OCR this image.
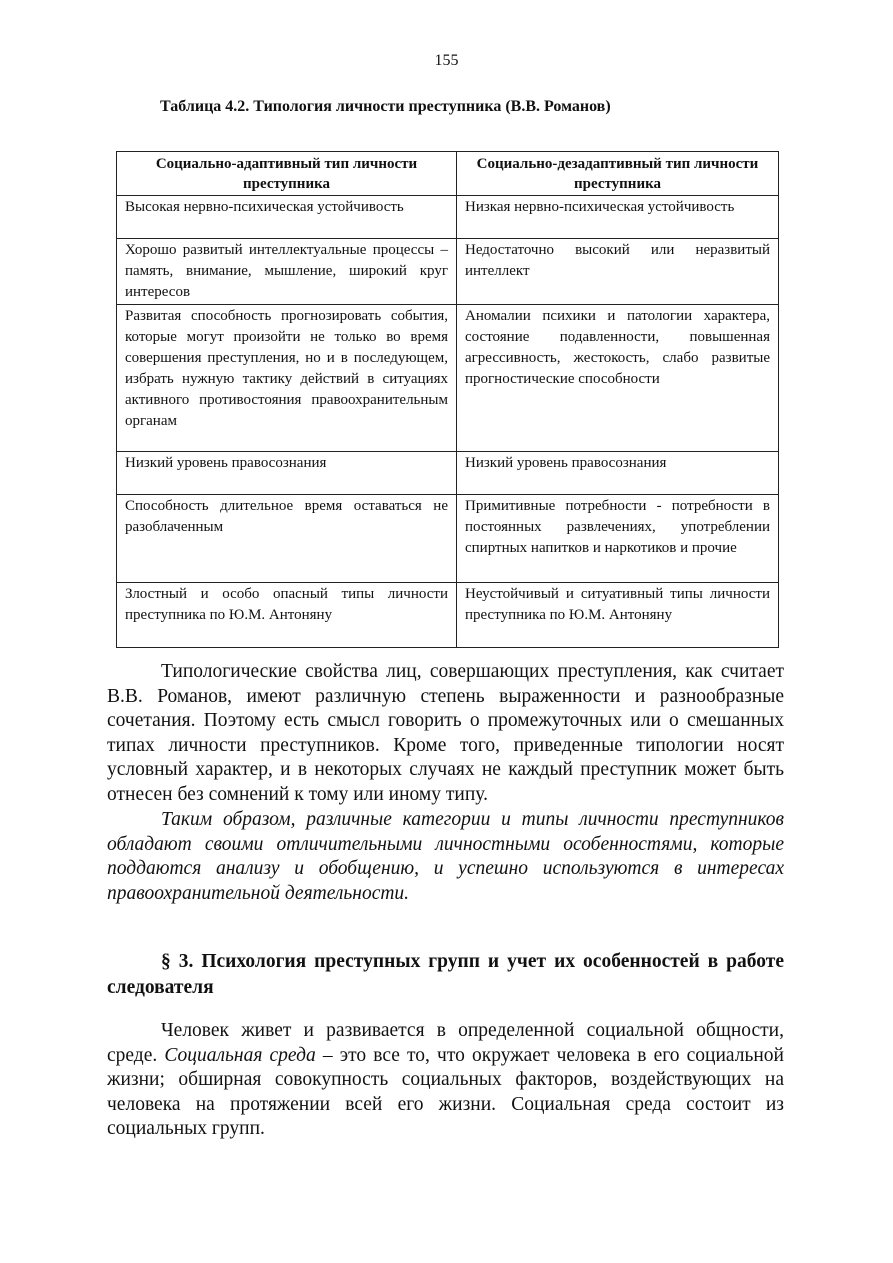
155
Таблица 4.2. Типология личности преступника (В.В. Романов)
Социально-адаптивный тип личности преступника	Социально-дезадаптивный тип личности преступника
Высокая нервно-психическая устойчивость	Низкая нервно-психическая устойчивость
Хорошо развитый интеллектуальные процессы – память, внимание, мышление, широкий круг интересов	Недостаточно высокий или неразвитый интеллект
Развитая способность прогнозировать события, которые могут произойти не только во время совершения преступления, но и в последующем, избрать нужную тактику действий в ситуациях активного противостояния правоохранительным органам	Аномалии психики и патологии характера, состояние подавленности, повышенная агрессивность, жестокость, слабо развитые прогностические способности
Низкий уровень правосознания	Низкий уровень правосознания
Способность длительное время оставаться не разоблаченным	Примитивные потребности - потребности в постоянных развлечениях, употреблении спиртных напитков и наркотиков и прочие
Злостный и особо опасный типы личности преступника по Ю.М. Антоняну	Неустойчивый и ситуативный типы личности преступника по Ю.М. Антоняну

Типологические свойства лиц, совершающих преступления, как считает В.В. Романов, имеют различную степень выраженности и разнообразные сочетания. Поэтому есть смысл говорить о промежуточных или о смешанных типах личности преступников. Кроме того, приведенные типологии носят условный характер, и в некоторых случаях не каждый преступник может быть отнесен без сомнений к тому или иному типу.

Таким образом, различные категории и типы личности преступников обладают своими отличительными личностными особенностями, которые поддаются анализу и обобщению, и успешно используются в интересах правоохранительной деятельности.

§ 3. Психология преступных групп и учет их особенностей в работе следователя

Человек живет и развивается в определенной социальной общности, среде. Социальная среда – это все то, что окружает человека в его социальной жизни; обширная совокупность социальных факторов, воздействующих на человека на протяжении всей его жизни. Социальная среда состоит из социальных групп.
